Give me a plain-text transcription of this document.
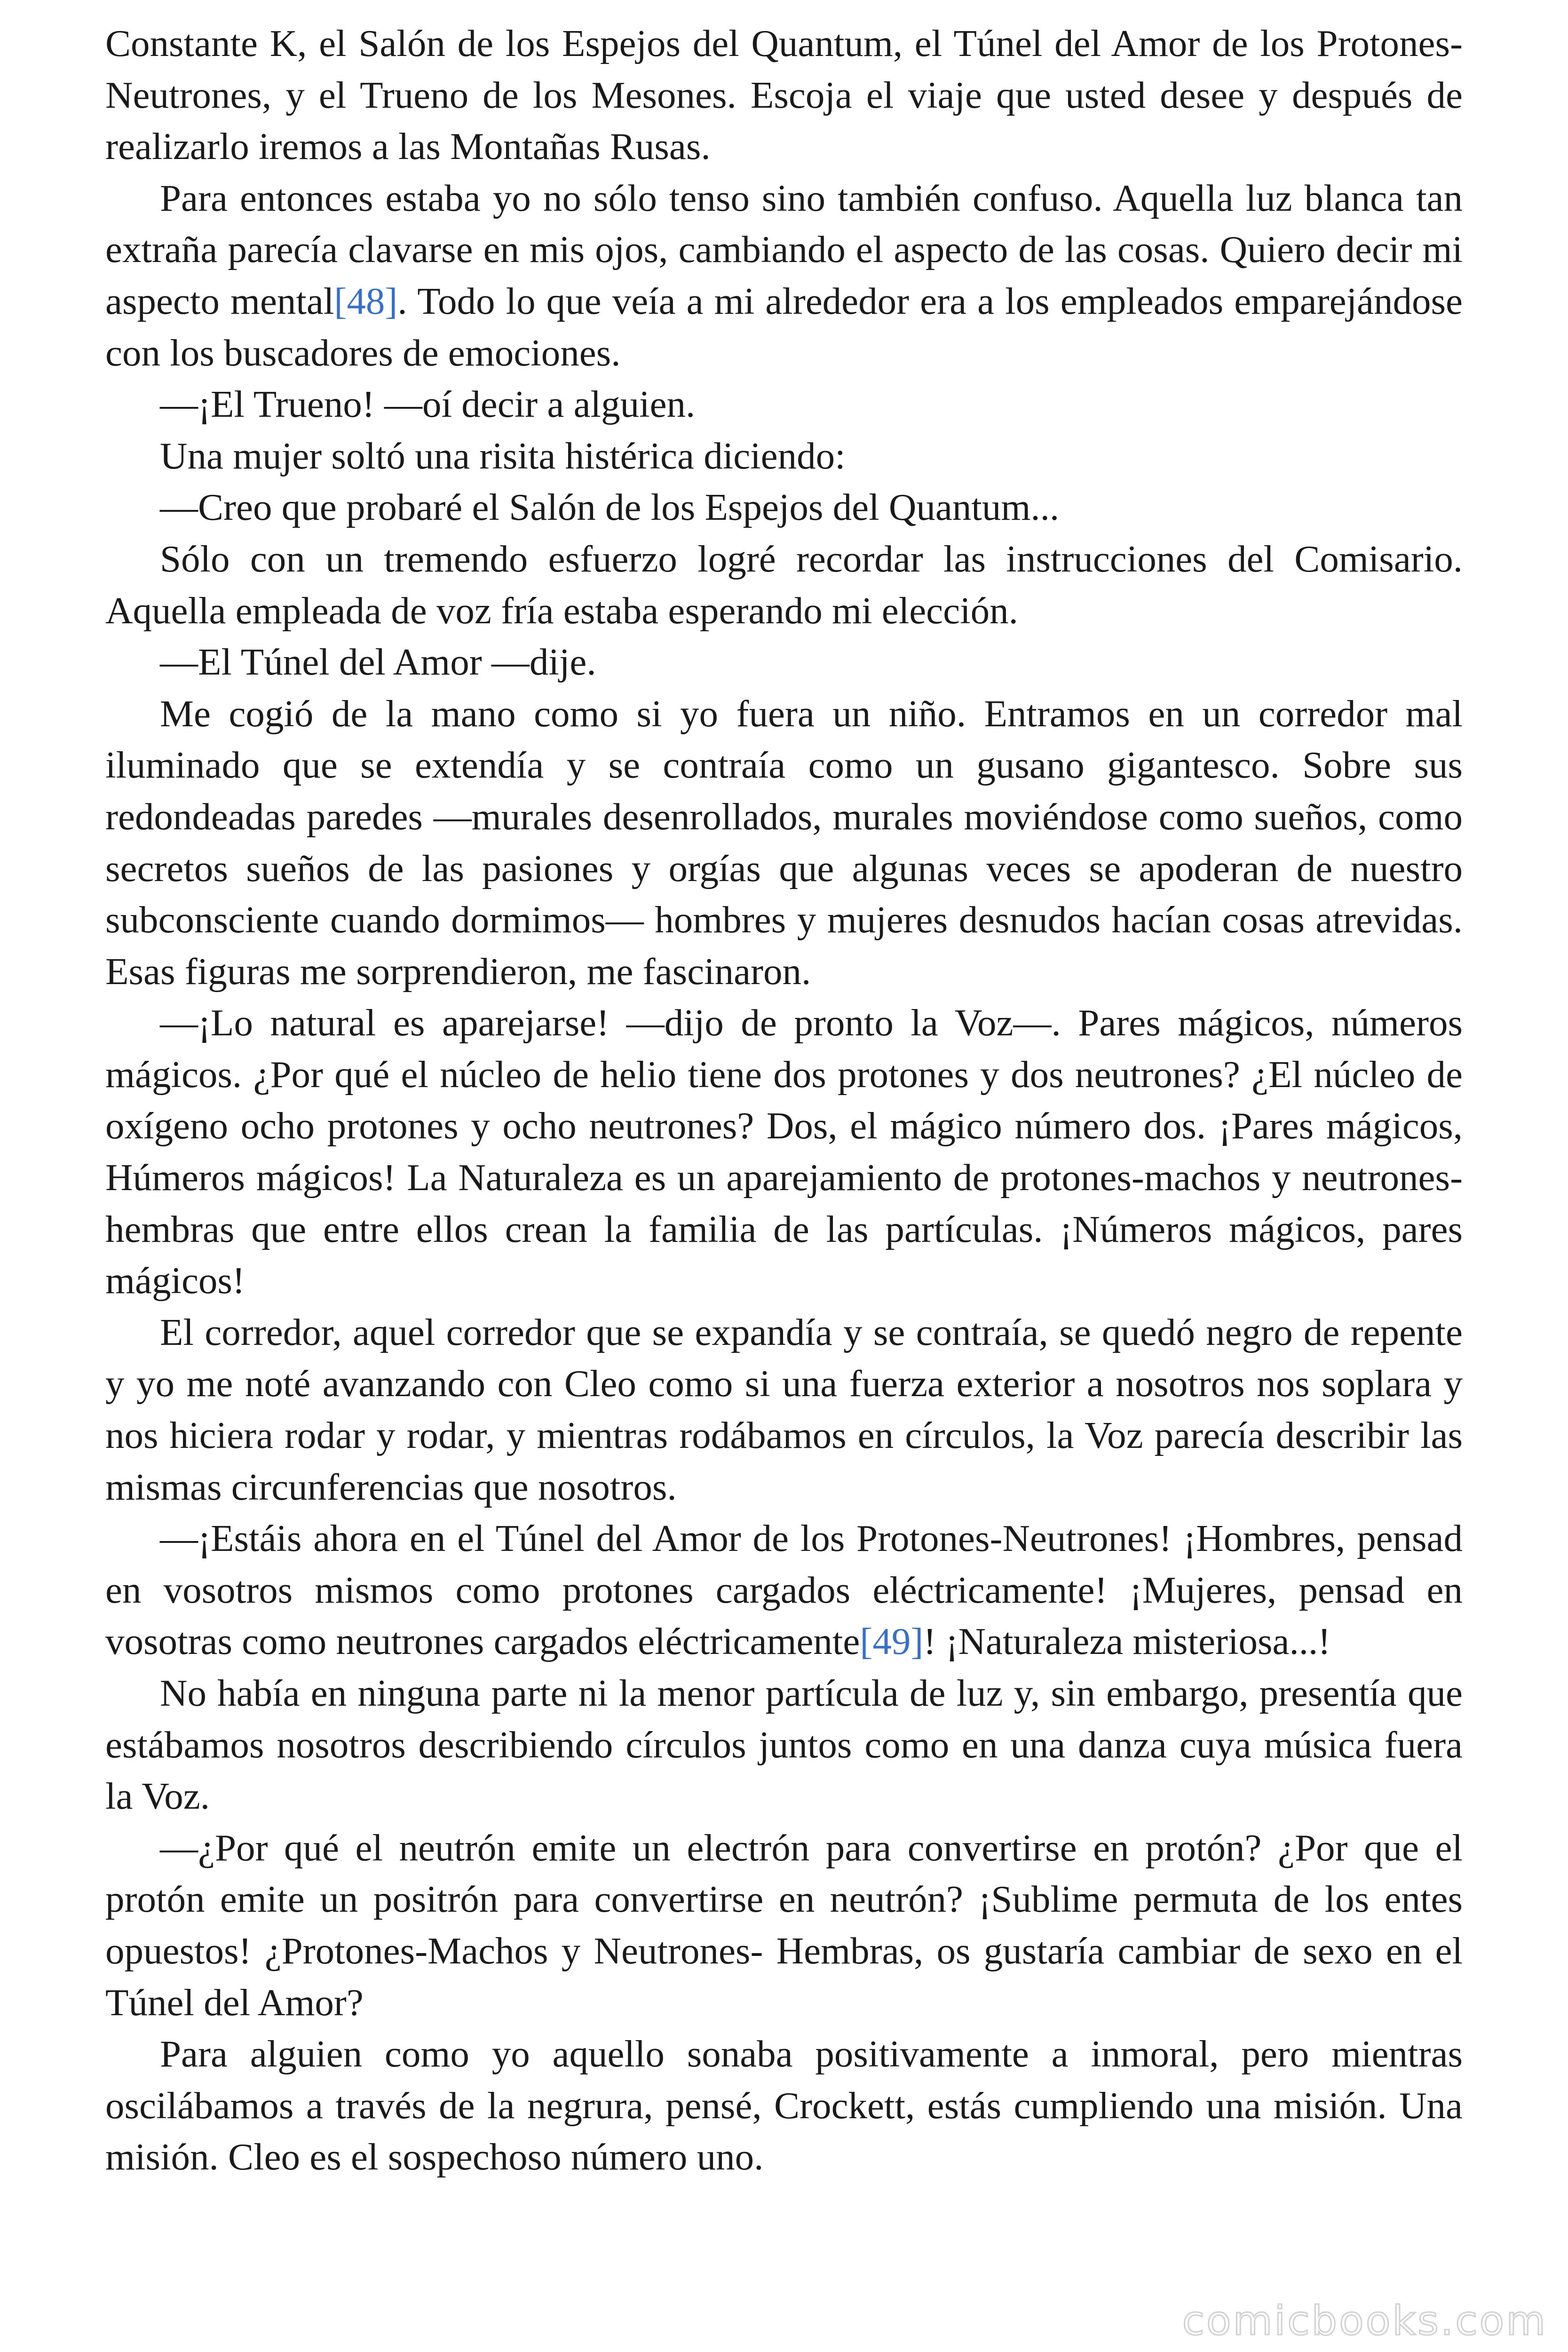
Constante K, el Salón de los Espejos del Quantum, el Túnel del Amor de los Protones-Neutrones, y el Trueno de los Mesones. Escoja el viaje que usted desee y después de realizarlo iremos a las Montañas Rusas.

Para entonces estaba yo no sólo tenso sino también confuso. Aquella luz blanca tan extraña parecía clavarse en mis ojos, cambiando el aspecto de las cosas. Quiero decir mi aspecto mental[48]. Todo lo que veía a mi alrededor era a los empleados emparejándose con los buscadores de emociones.

—¡El Trueno! —oí decir a alguien.

Una mujer soltó una risita histérica diciendo:

—Creo que probaré el Salón de los Espejos del Quantum...

Sólo con un tremendo esfuerzo logré recordar las instrucciones del Comisario. Aquella empleada de voz fría estaba esperando mi elección.

—El Túnel del Amor —dije.

Me cogió de la mano como si yo fuera un niño. Entramos en un corredor mal iluminado que se extendía y se contraía como un gusano gigantesco. Sobre sus redondeadas paredes —murales desenrollados, murales moviéndose como sueños, como secretos sueños de las pasiones y orgías que algunas veces se apoderan de nuestro subconsciente cuando dormimos— hombres y mujeres desnudos hacían cosas atrevidas. Esas figuras me sorprendieron, me fascinaron.

—¡Lo natural es aparejarse! —dijo de pronto la Voz—. Pares mágicos, números mágicos. ¿Por qué el núcleo de helio tiene dos protones y dos neutrones? ¿El núcleo de oxígeno ocho protones y ocho neutrones? Dos, el mágico número dos. ¡Pares mágicos, Húmeros mágicos! La Naturaleza es un aparejamiento de protones-machos y neutrones-hembras que entre ellos crean la familia de las partículas. ¡Números mágicos, pares mágicos!

El corredor, aquel corredor que se expandía y se contraía, se quedó negro de repente y yo me noté avanzando con Cleo como si una fuerza exterior a nosotros nos soplara y nos hiciera rodar y rodar, y mientras rodábamos en círculos, la Voz parecía describir las mismas circunferencias que nosotros.

—¡Estáis ahora en el Túnel del Amor de los Protones-Neutrones! ¡Hombres, pensad en vosotros mismos como protones cargados eléctricamente! ¡Mujeres, pensad en vosotras como neutrones cargados eléctricamente[49]! ¡Naturaleza misteriosa...!

No había en ninguna parte ni la menor partícula de luz y, sin embargo, presentía que estábamos nosotros describiendo círculos juntos como en una danza cuya música fuera la Voz.

—¿Por qué el neutrón emite un electrón para convertirse en protón? ¿Por que el protón emite un positrón para convertirse en neutrón? ¡Sublime permuta de los entes opuestos! ¿Protones-Machos y Neutrones- Hembras, os gustaría cambiar de sexo en el Túnel del Amor?

Para alguien como yo aquello sonaba positivamente a inmoral, pero mientras oscilábamos a través de la negrura, pensé, Crockett, estás cumpliendo una misión. Una misión. Cleo es el sospechoso número uno.

comicbooks.com
